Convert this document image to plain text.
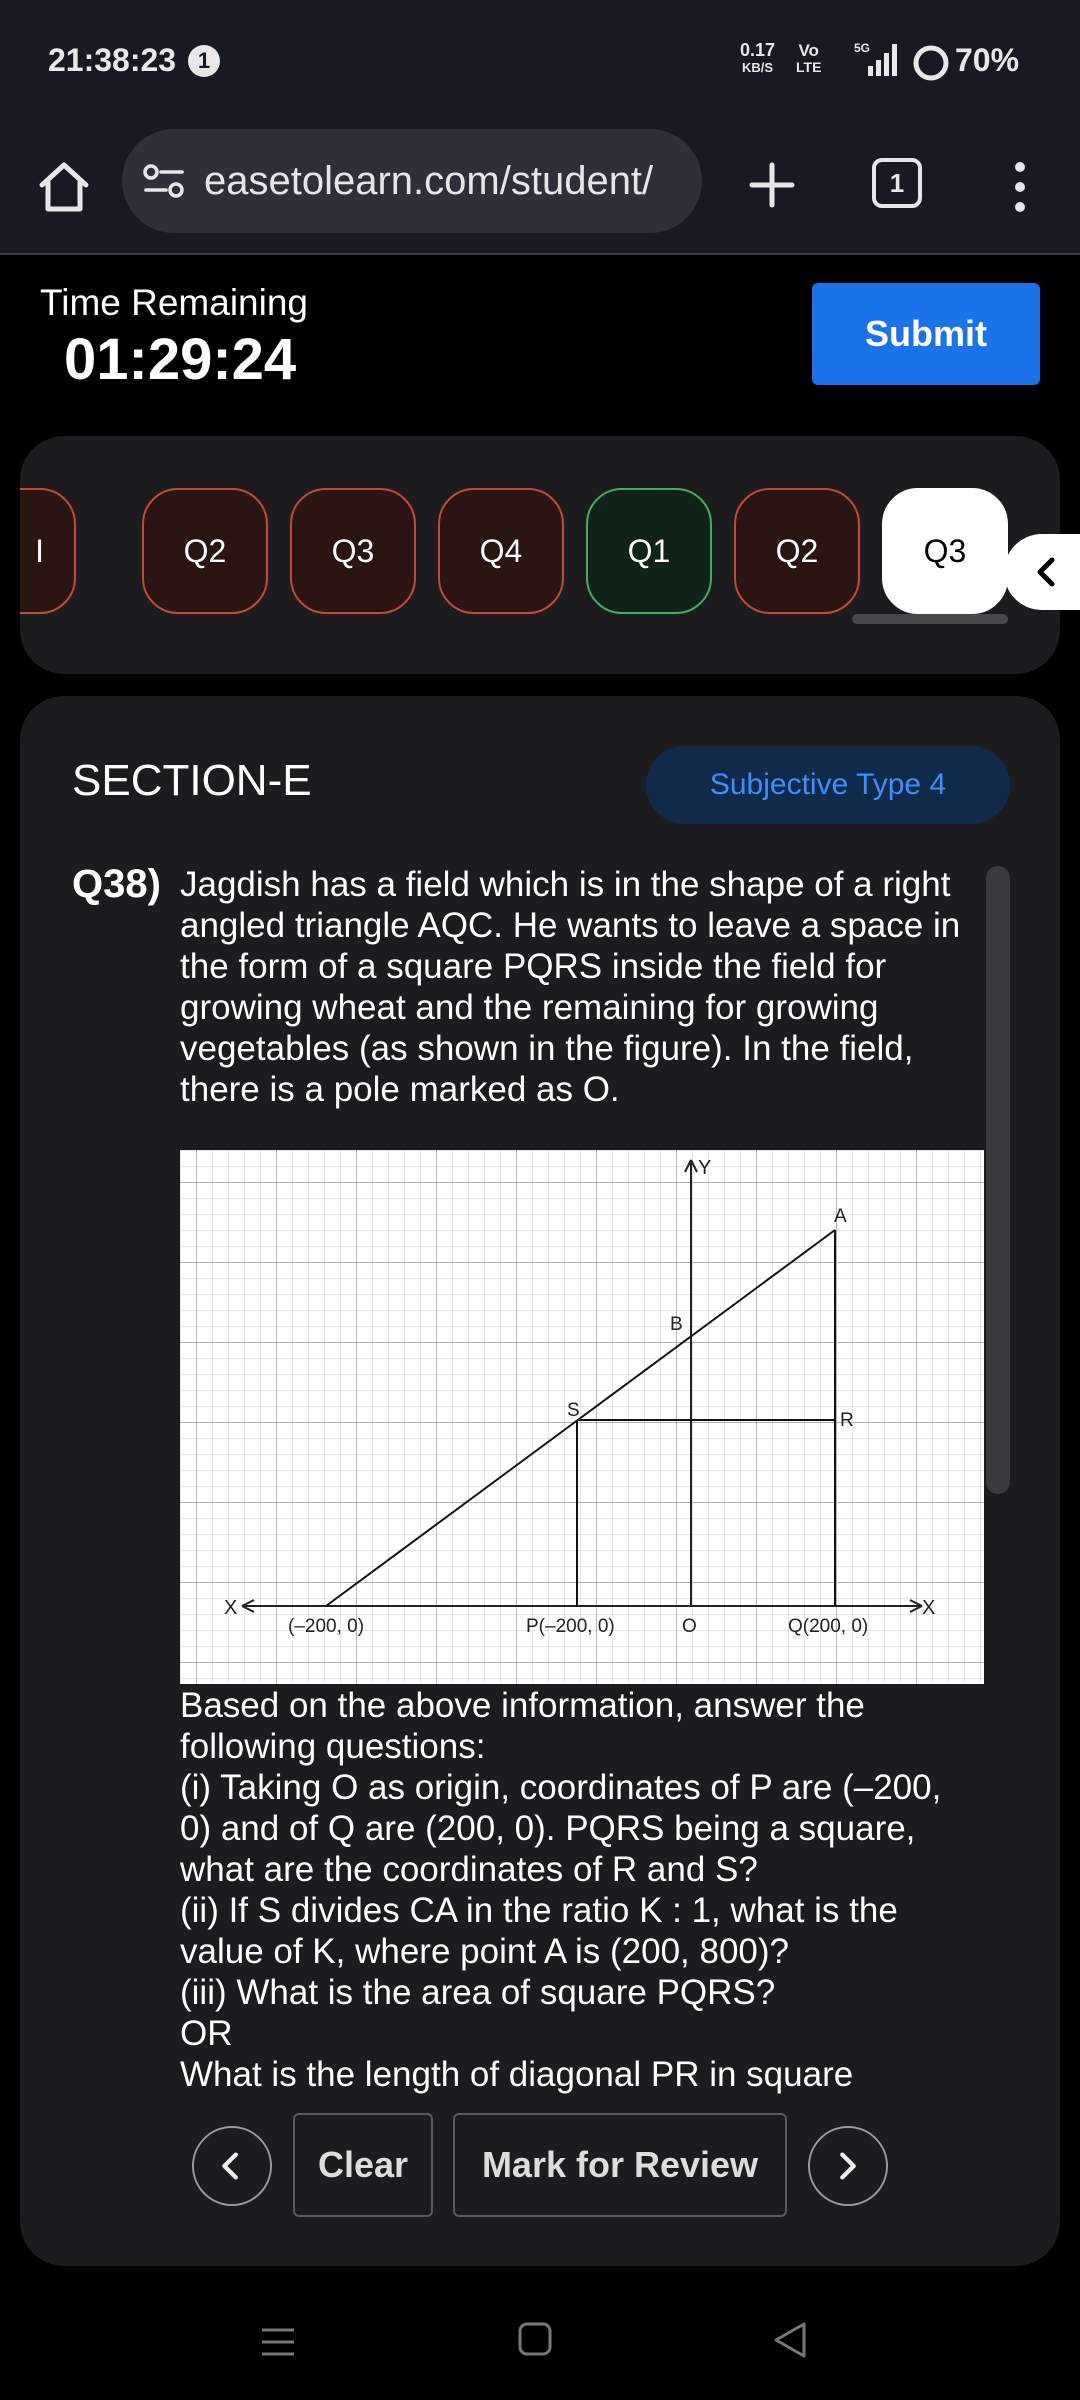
21:38:23 1	0.17
KB/S
Vo
LTE
5G	70%
easetolearn.com/student/	1
Time Remaining
01:29:24	Submit
I	Q2	Q3	Q4	Q1	Q2	Q3
SECTION-E	Subjective Type 4
Q38) Jagdish has a field which is in the shape of a right angled triangle AQC. He wants to leave a space in the form of a square PQRS inside the field for growing wheat and the remaining for growing vegetables (as shown in the figure). In the field, there is a pole marked as O.
Y
X	X
A
B
S	R
(–200, 0)	P(–200, 0)	O	Q(200, 0)
Based on the above information, answer the following questions:
(i) Taking O as origin, coordinates of P are (–200, 0) and of Q are (200, 0). PQRS being a square, what are the coordinates of R and S?
(ii) If S divides CA in the ratio K : 1, what is the value of K, where point A is (200, 800)?
(iii) What is the area of square PQRS?
OR
What is the length of diagonal PR in square
Clear	Mark for Review
